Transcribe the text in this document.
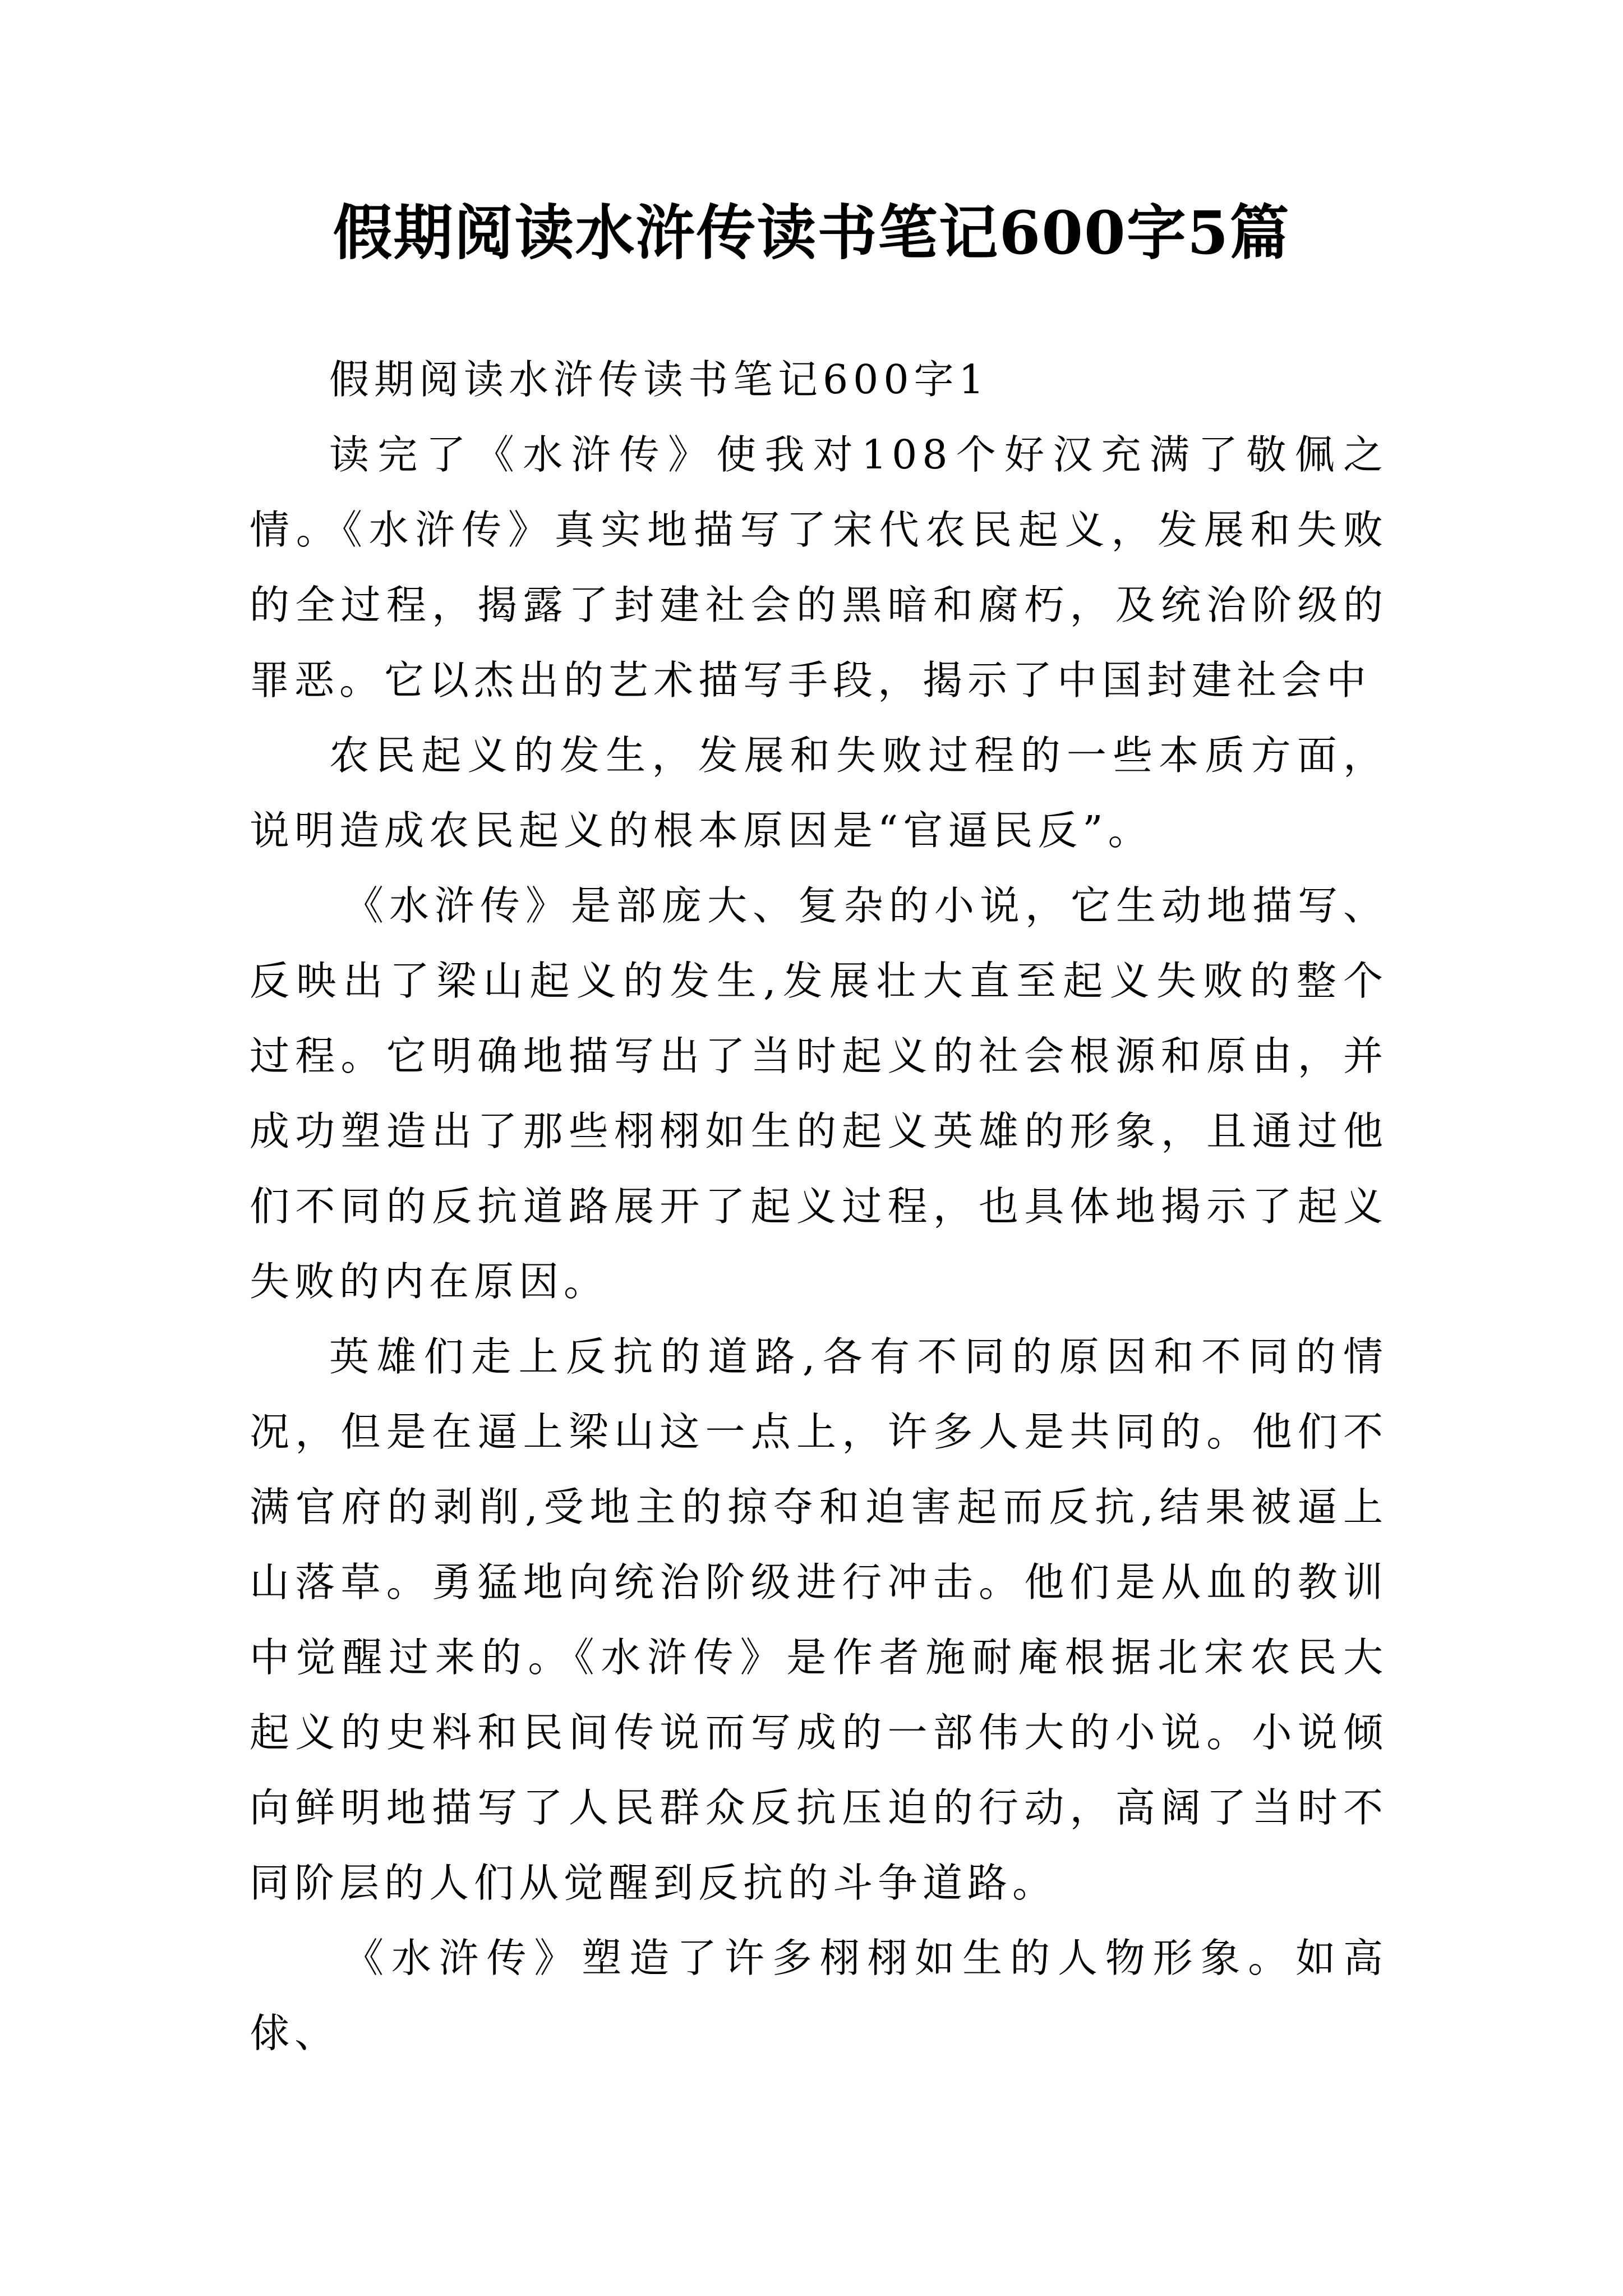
假期阅读水浒传读书笔记600字5篇

假期阅读水浒传读书笔记600字1

读完了《水浒传》使我对108个好汉充满了敬佩之情。《水浒传》真实地描写了宋代农民起义，发展和失败的全过程，揭露了封建社会的黑暗和腐朽，及统治阶级的罪恶。它以杰出的艺术描写手段，揭示了中国封建社会中

农民起义的发生，发展和失败过程的一些本质方面，说明造成农民起义的根本原因是“官逼民反”。

《水浒传》是部庞大、复杂的小说，它生动地描写、反映出了梁山起义的发生,发展壮大直至起义失败的整个过程。它明确地描写出了当时起义的社会根源和原由，并成功塑造出了那些栩栩如生的起义英雄的形象，且通过他们不同的反抗道路展开了起义过程，也具体地揭示了起义失败的内在原因。

英雄们走上反抗的道路,各有不同的原因和不同的情况，但是在逼上梁山这一点上，许多人是共同的。他们不满官府的剥削,受地主的掠夺和迫害起而反抗,结果被逼上山落草。勇猛地向统治阶级进行冲击。他们是从血的教训中觉醒过来的。《水浒传》是作者施耐庵根据北宋农民大起义的史料和民间传说而写成的一部伟大的小说。小说倾向鲜明地描写了人民群众反抗压迫的行动，高阔了当时不同阶层的人们从觉醒到反抗的斗争道路。

《水浒传》塑造了许多栩栩如生的人物形象。如高俅、
